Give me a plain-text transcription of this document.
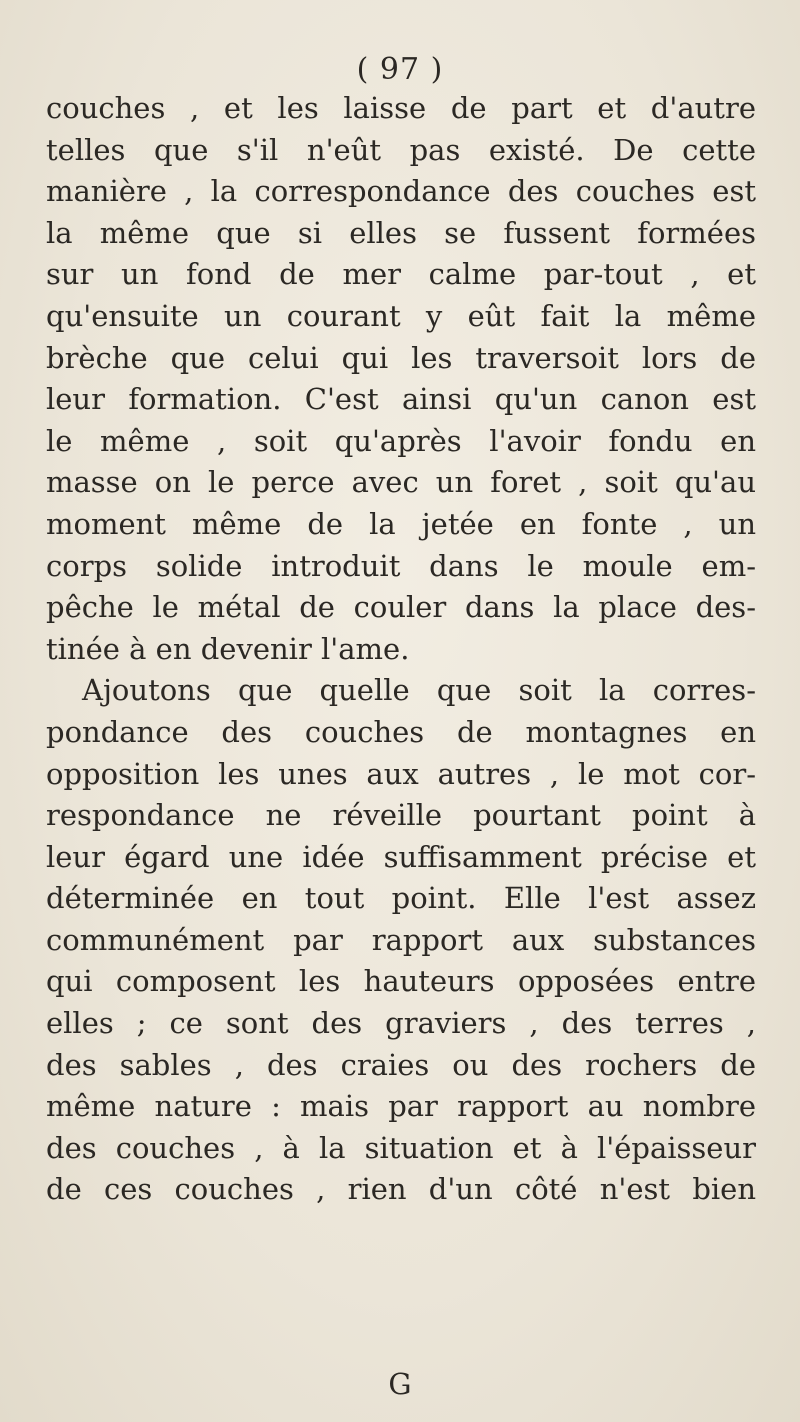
( 97 )
couches , et les laisse de part et d'autre
telles que s'il n'eût pas existé. De cette
manière , la correspondance des couches est
la même que si elles se fussent formées
sur un fond de mer calme par-tout , et
qu'ensuite un courant y eût fait la même
brèche que celui qui les traversoit lors de
leur formation. C'est ainsi qu'un canon est
le même , soit qu'après l'avoir fondu en
masse on le perce avec un foret , soit qu'au
moment même de la jetée en fonte , un
corps solide introduit dans le moule em-
pêche le métal de couler dans la place des-
tinée à en devenir l'ame.
Ajoutons que quelle que soit la corres-
pondance des couches de montagnes en
opposition les unes aux autres , le mot cor-
respondance ne réveille pourtant point à
leur égard une idée suffisamment précise et
déterminée en tout point. Elle l'est assez
communément par rapport aux substances
qui composent les hauteurs opposées entre
elles ; ce sont des graviers , des terres ,
des sables , des craies ou des rochers de
même nature : mais par rapport au nombre
des couches , à la situation et à l'épaisseur
de ces couches , rien d'un côté n'est bien
G
